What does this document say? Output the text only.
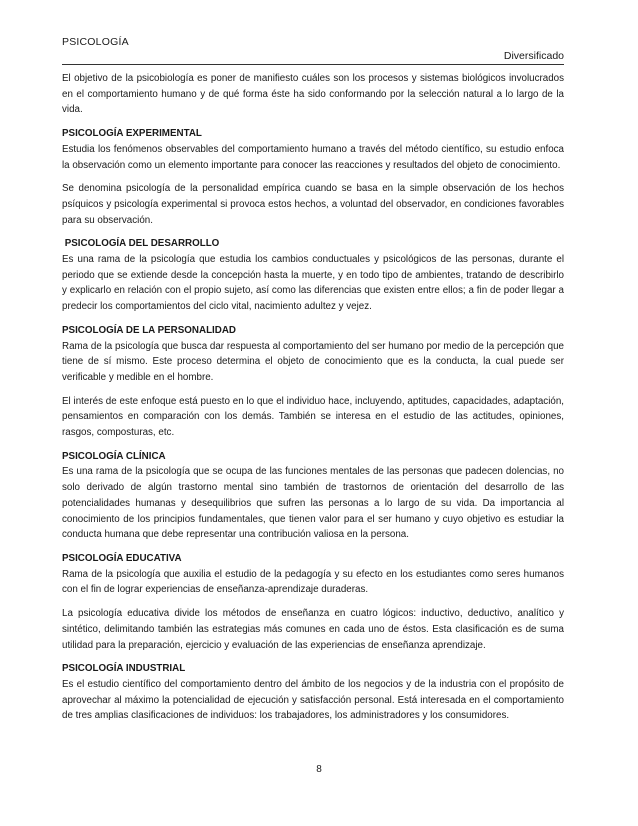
PSICOLOGÍA
Diversificado

El objetivo de la psicobiología es poner de manifiesto cuáles son los procesos y sistemas biológicos involucrados en el comportamiento humano y de qué forma éste ha sido conformando por la selección natural a lo largo de la vida.

PSICOLOGÍA EXPERIMENTAL

Estudia los fenómenos observables del comportamiento humano a través del método científico, su estudio enfoca la observación como un elemento importante para conocer las reacciones y resultados del objeto de conocimiento.

Se denomina psicología de la personalidad empírica cuando se basa en la simple observación de los hechos psíquicos y psicología experimental si provoca estos hechos, a voluntad del observador, en condiciones favorables para su observación.

PSICOLOGÍA DEL DESARROLLO

Es una rama de la psicología que estudia los cambios conductuales y psicológicos de las personas, durante el periodo que se extiende desde la concepción hasta la muerte, y en todo tipo de ambientes, tratando de describirlo y explicarlo en relación con el propio sujeto, así como las diferencias que existen entre ellos; a fin de poder llegar a predecir los comportamientos del ciclo vital, nacimiento adultez y vejez.

PSICOLOGÍA DE LA PERSONALIDAD

Rama de la psicología que busca dar respuesta al comportamiento del ser humano por medio de la percepción que tiene de sí mismo. Este proceso determina el objeto de conocimiento que es la conducta, la cual puede ser verificable y medible en el hombre.

El interés de este enfoque está puesto en lo que el individuo hace, incluyendo, aptitudes, capacidades, adaptación, pensamientos en comparación con los demás. También se interesa en el estudio de las actitudes, opiniones, rasgos, composturas, etc.

PSICOLOGÍA CLÍNICA

Es una rama de la psicología que se ocupa de las funciones mentales de las personas que padecen dolencias, no solo derivado de algún trastorno mental sino también de trastornos de orientación del desarrollo de las potencialidades humanas y desequilibrios que sufren las personas a lo largo de su vida. Da importancia al conocimiento de los principios fundamentales, que tienen valor para el ser humano y cuyo objetivo es estudiar la conducta humana que debe representar una contribución valiosa en la persona.

PSICOLOGÍA EDUCATIVA

Rama de la psicología que auxilia el estudio de la pedagogía y su efecto en los estudiantes como seres humanos con el fin de lograr experiencias de enseñanza-aprendizaje duraderas.

La psicología educativa divide los métodos de enseñanza en cuatro lógicos: inductivo, deductivo, analítico y sintético, delimitando también las estrategias más comunes en cada uno de éstos. Esta clasificación es de suma utilidad para la preparación, ejercicio y evaluación de las experiencias de enseñanza aprendizaje.

PSICOLOGÍA INDUSTRIAL

Es el estudio científico del comportamiento dentro del ámbito de los negocios y de la industria con el propósito de aprovechar al máximo la potencialidad de ejecución y satisfacción personal. Está interesada en el comportamiento de tres amplias clasificaciones de individuos: los trabajadores, los administradores y los consumidores.

8
